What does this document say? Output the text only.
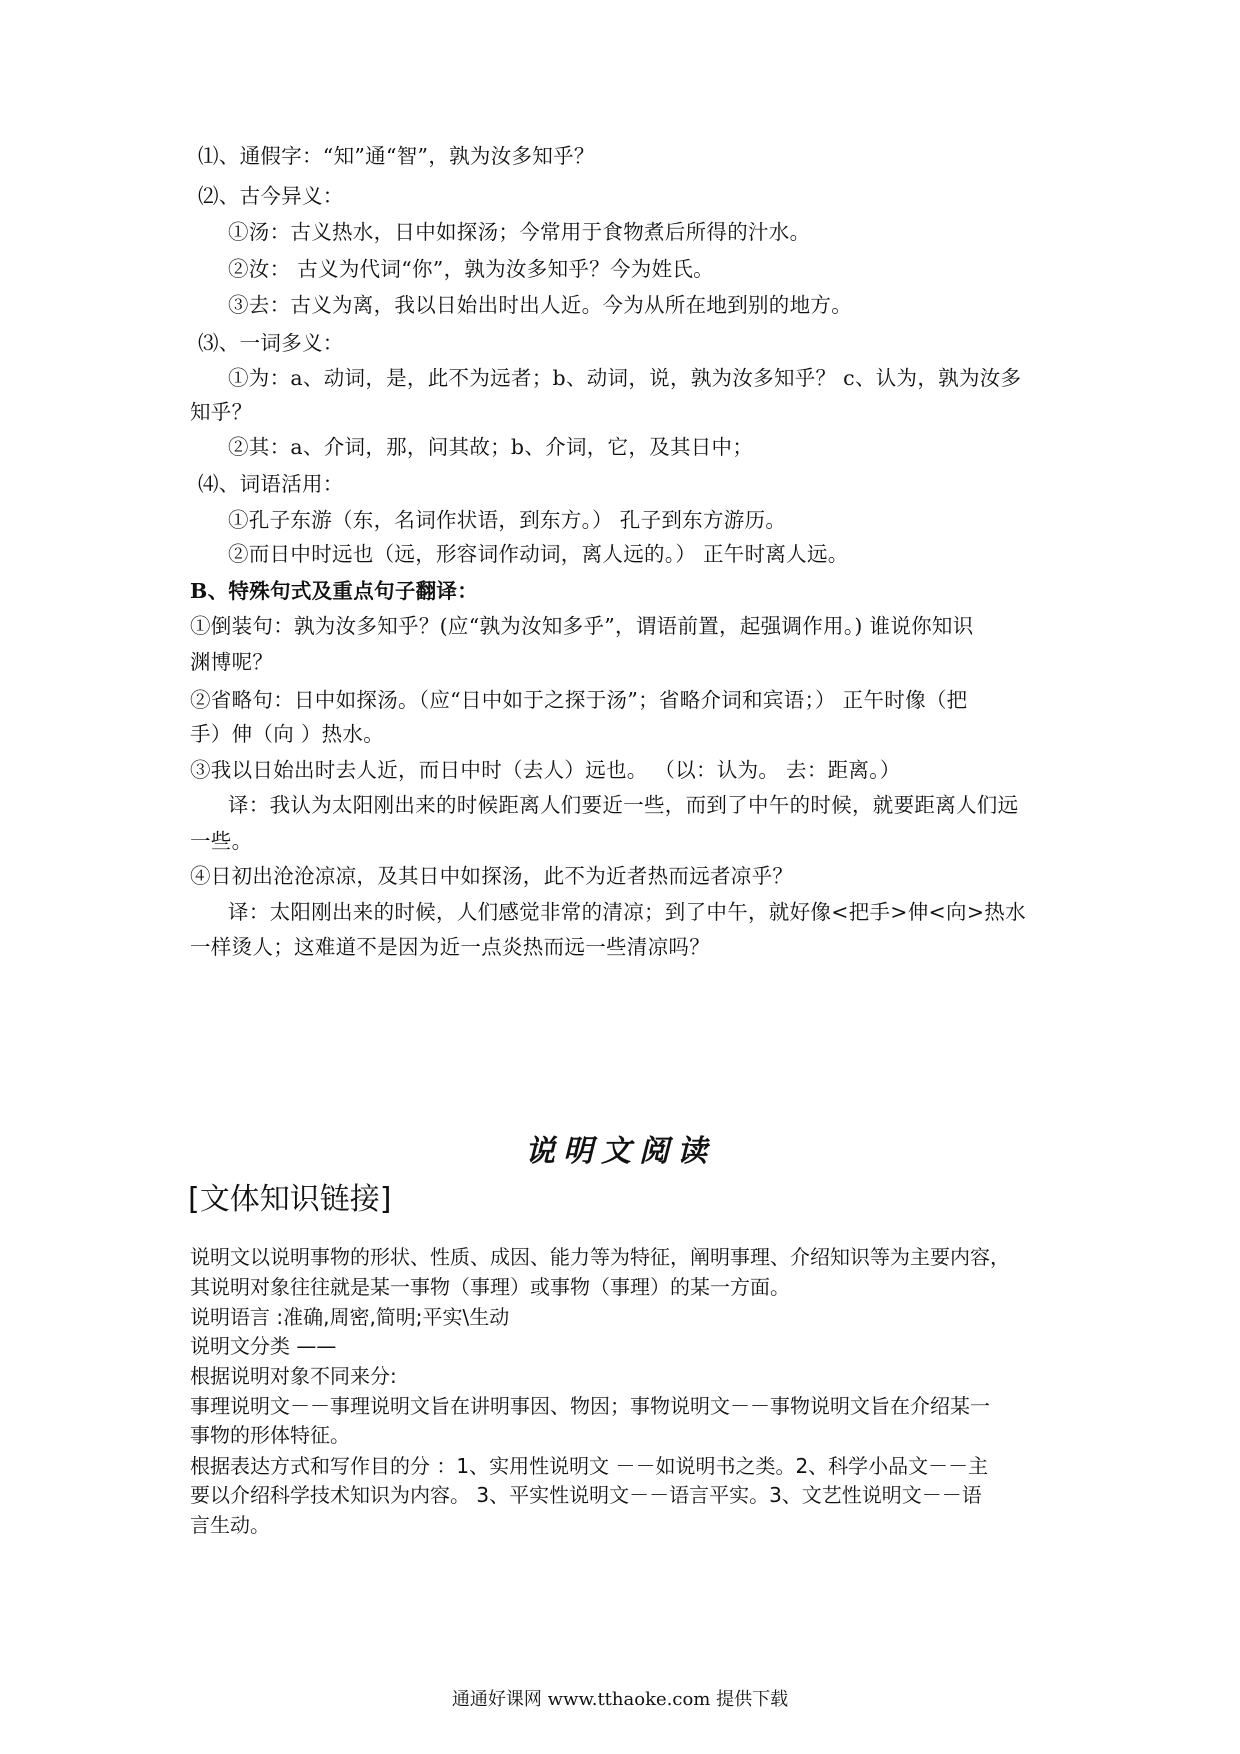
⑴、通假字：“知”通“智”，孰为汝多知乎？
⑵、古今异义：
①汤：古义热水，日中如探汤；今常用于食物煮后所得的汁水。
②汝： 古义为代词“你”，孰为汝多知乎？今为姓氏。
③去：古义为离，我以日始出时出人近。今为从所在地到别的地方。
⑶、一词多义：
①为：a、动词，是，此不为远者；b、动词，说，孰为汝多知乎？ c、认为，孰为汝多
知乎？
②其：a、介词，那，问其故；b、介词，它，及其日中；
⑷、词语活用：
①孔子东游（东，名词作状语，到东方。） 孔子到东方游历。
②而日中时远也（远，形容词作动词，离人远的。） 正午时离人远。
B、特殊句式及重点句子翻译：
①倒装句：孰为汝多知乎？(应“孰为汝知多乎”，谓语前置，起强调作用。) 谁说你知识
渊博呢？
②省略句：日中如探汤。（应“日中如于之探于汤”；省略介词和宾语；） 正午时像（把
手）伸（向 ）热水。
③我以日始出时去人近，而日中时（去人）远也。 （以：认为。 去：距离。）
译：我认为太阳刚出来的时候距离人们要近一些，而到了中午的时候，就要距离人们远
一些。
④日初出沧沧凉凉，及其日中如探汤，此不为近者热而远者凉乎？
译：太阳刚出来的时候，人们感觉非常的清凉；到了中午，就好像<把手>伸<向>热水
一样烫人；这难道不是因为近一点炎热而远一些清凉吗？
说明文阅读
[文体知识链接]
说明文以说明事物的形状、性质、成因、能力等为特征，阐明事理、介绍知识等为主要内容，
其说明对象往往就是某一事物（事理）或事物（事理）的某一方面。
说明语言 :准确,周密,简明;平实\生动
说明文分类 ——
根据说明对象不同来分:
事理说明文－－事理说明文旨在讲明事因、物因；事物说明文－－事物说明文旨在介绍某一
事物的形体特征。
根据表达方式和写作目的分 ：1、实用性说明文 －－如说明书之类。2、科学小品文－－主
要以介绍科学技术知识为内容。 3、平实性说明文－－语言平实。3、文艺性说明文－－语
言生动。
通通好课网 www.tthaoke.com 提供下载
